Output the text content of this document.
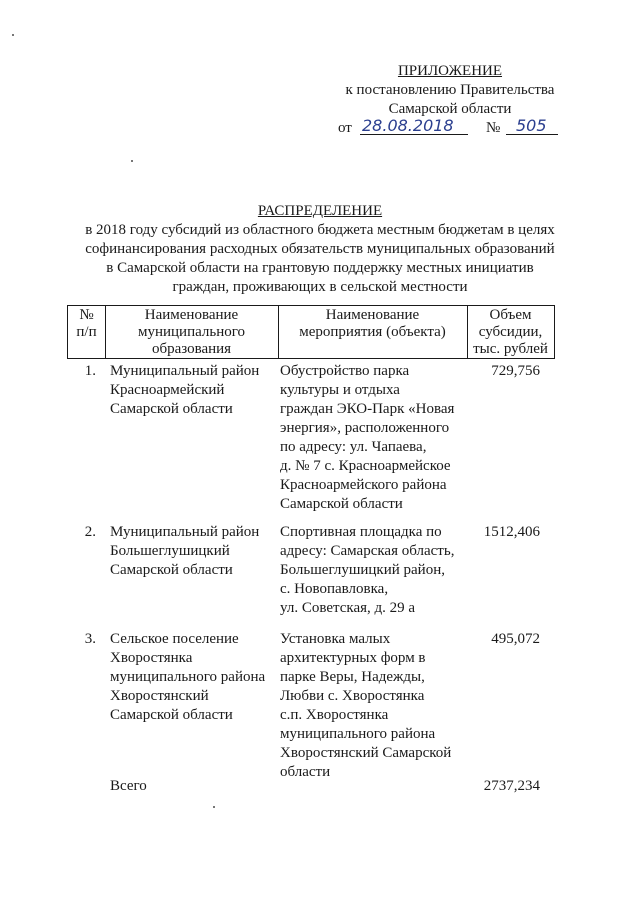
ПРИЛОЖЕНИЕ
к постановлению Правительства
Самарской области
от 28.08.2018 № 505
РАСПРЕДЕЛЕНИЕ
в 2018 году субсидий из областного бюджета местным бюджетам в целях
софинансирования расходных обязательств муниципальных образований
в Самарской области на грантовую поддержку местных инициатив
граждан, проживающих в сельской местности
№
п/п
Наименование
муниципального
образования
Наименование
мероприятия (объекта)
Объем
субсидии,
тыс. рублей
1. Муниципальный район
Красноармейский
Самарской области
Обустройство парка
культуры и отдыха
граждан ЭКО-Парк «Новая
энергия», расположенного
по адресу: ул. Чапаева,
д. № 7 с. Красноармейское
Красноармейского района
Самарской области
729,756
2. Муниципальный район
Большеглушицкий
Самарской области
Спортивная площадка по
адресу: Самарская область,
Большеглушицкий район,
с. Новопавловка,
ул. Советская, д. 29 а
1512,406
3. Сельское поселение
Хворостянка
муниципального района
Хворостянский
Самарской области
Установка малых
архитектурных форм в
парке Веры, Надежды,
Любви с. Хворостянка
с.п. Хворостянка
муниципального района
Хворостянский Самарской
области
495,072
Всего	2737,234
